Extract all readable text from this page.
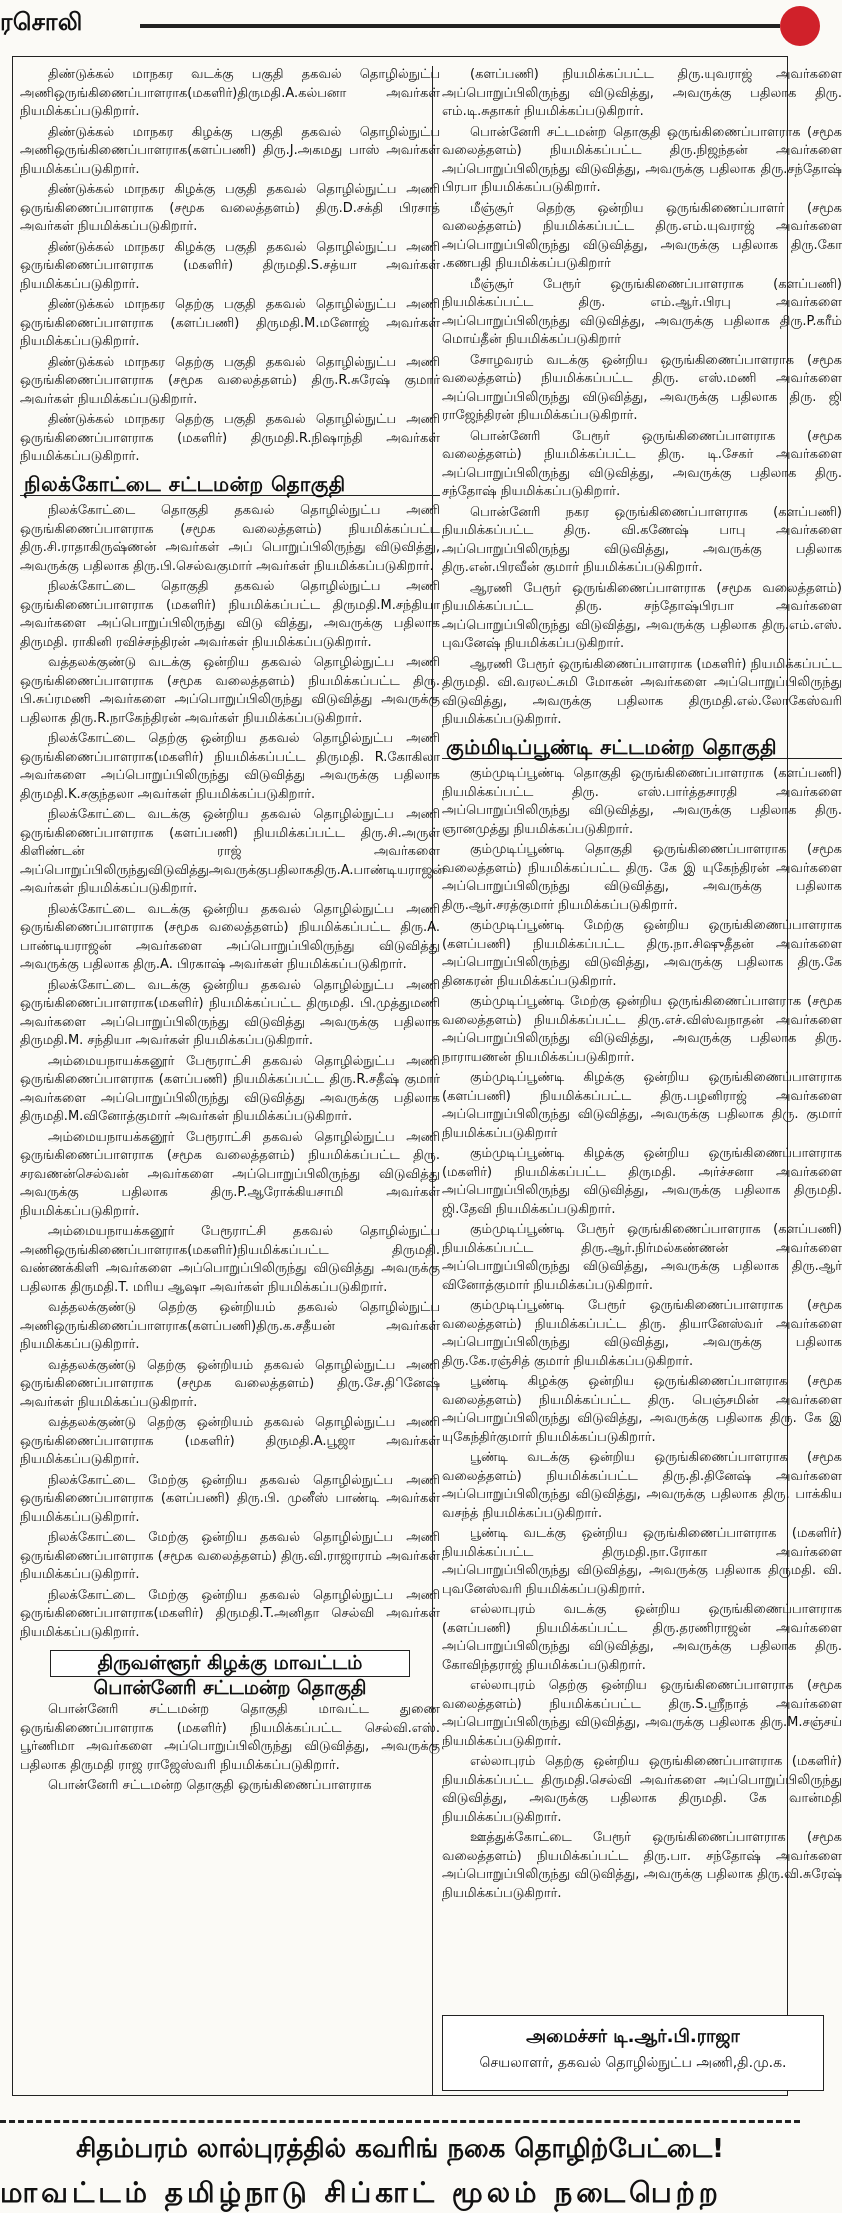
ரசொலி

திண்டுக்கல் மாநகர வடக்கு பகுதி தகவல் தொழில்நுட்ப அணிஒருங்கிணைப்பாளராக(மகளிர்)திருமதி.A.கல்பனா அவர்கள் நியமிக்கப்படுகிறார்.

திண்டுக்கல் மாநகர கிழக்கு பகுதி தகவல் தொழில்நுட்ப அணிஒருங்கிணைப்பாளராக(களப்பணி) திரு.J.அகமது பாஸ் அவர்கள் நியமிக்கப்படுகிறார்.

திண்டுக்கல் மாநகர கிழக்கு பகுதி தகவல் தொழில்நுட்ப அணி ஒருங்கிணைப்பாளராக (சமூக வலைத்தளம்) திரு.D.சக்தி பிரசாத் அவர்கள் நியமிக்கப்படுகிறார்.

திண்டுக்கல் மாநகர கிழக்கு பகுதி தகவல் தொழில்நுட்ப அணி ஒருங்கிணைப்பாளராக (மகளிர்) திருமதி.S.சத்யா அவர்கள் நியமிக்கப்படுகிறார்.

திண்டுக்கல் மாநகர தெற்கு பகுதி தகவல் தொழில்நுட்ப அணி ஒருங்கிணைப்பாளராக (களப்பணி) திருமதி.M.மனோஜ் அவர்கள் நியமிக்கப்படுகிறார்.

திண்டுக்கல் மாநகர தெற்கு பகுதி தகவல் தொழில்நுட்ப அணி ஒருங்கிணைப்பாளராக (சமூக வலைத்தளம்) திரு.R.சுரேஷ் குமார் அவர்கள் நியமிக்கப்படுகிறார்.

திண்டுக்கல் மாநகர தெற்கு பகுதி தகவல் தொழில்நுட்ப அணி ஒருங்கிணைப்பாளராக (மகளிர்) திருமதி.R.நிஷாந்தி அவர்கள் நியமிக்கப்படுகிறார்.

நிலக்கோட்டை சட்டமன்ற தொகுதி

நிலக்கோட்டை தொகுதி தகவல் தொழில்நுட்ப அணி ஒருங்கிணைப்பாளராக (சமூக வலைத்தளம்) நியமிக்கப்பட்ட திரு.சி.ராதாகிருஷ்ணன் அவர்கள் அப் பொறுப்பிலிருந்து விடுவித்து, அவருக்கு பதிலாக திரு.பி.செல்வகுமார் அவர்கள் நியமிக்கப்படுகிறார்.

நிலக்கோட்டை தொகுதி தகவல் தொழில்நுட்ப அணி ஒருங்கிணைப்பாளராக (மகளிர்) நியமிக்கப்பட்ட திருமதி.M.சந்தியா அவர்களை அப்பொறுப்பிலிருந்து விடு வித்து, அவருக்கு பதிலாக திருமதி. ராகினி ரவிச்சந்திரன் அவர்கள் நியமிக்கப்படுகிறார்.

வத்தலக்குண்டு வடக்கு ஒன்றிய தகவல் தொழில்நுட்ப அணி ஒருங்கிணைப்பாளராக (சமூக வலைத்தளம்) நியமிக்கப்பட்ட திரு. பி.சுப்ரமணி அவர்களை அப்பொறுப்பிலிருந்து விடுவித்து அவருக்கு பதிலாக திரு.R.நாகேந்திரன் அவர்கள் நியமிக்கப்படுகிறார்.

நிலக்கோட்டை தெற்கு ஒன்றிய தகவல் தொழில்நுட்ப அணி ஒருங்கிணைப்பாளராக(மகளிர்) நியமிக்கப்பட்ட திருமதி. R.கோகிலா அவர்களை அப்பொறுப்பிலிருந்து விடுவித்து அவருக்கு பதிலாக திருமதி.K.சகுந்தலா அவர்கள் நியமிக்கப்படுகிறார்.

நிலக்கோட்டை வடக்கு ஒன்றிய தகவல் தொழில்நுட்ப அணி ஒருங்கிணைப்பாளராக (களப்பணி) நியமிக்கப்பட்ட திரு.சி.அருள் கிளிண்டன் ராஜ் அவர்களை அப்பொறுப்பிலிருந்துவிடுவித்துஅவருக்குபதிலாகதிரு.A.பாண்டியராஜன் அவர்கள் நியமிக்கப்படுகிறார்.

நிலக்கோட்டை வடக்கு ஒன்றிய தகவல் தொழில்நுட்ப அணி ஒருங்கிணைப்பாளராக (சமூக வலைத்தளம்) நியமிக்கப்பட்ட திரு.A. பாண்டியராஜன் அவர்களை அப்பொறுப்பிலிருந்து விடுவித்து அவருக்கு பதிலாக திரு.A. பிரகாஷ் அவர்கள் நியமிக்கப்படுகிறார்.

நிலக்கோட்டை வடக்கு ஒன்றிய தகவல் தொழில்நுட்ப அணி ஒருங்கிணைப்பாளராக(மகளிர்) நியமிக்கப்பட்ட திருமதி. பி.முத்துமணி அவர்களை அப்பொறுப்பிலிருந்து விடுவித்து அவருக்கு பதிலாக திருமதி.M. சந்தியா அவர்கள் நியமிக்கப்படுகிறார்.

அம்மையநாயக்கனூர் பேரூராட்சி தகவல் தொழில்நுட்ப அணி ஒருங்கிணைப்பாளராக (களப்பணி) நியமிக்கப்பட்ட திரு.R.சதீஷ் குமார் அவர்களை அப்பொறுப்பிலிருந்து விடுவித்து அவருக்கு பதிலாக திருமதி.M.வினோத்குமார் அவர்கள் நியமிக்கப்படுகிறார்.

அம்மையநாயக்கனூர் பேரூராட்சி தகவல் தொழில்நுட்ப அணி ஒருங்கிணைப்பாளராக (சமூக வலைத்தளம்) நியமிக்கப்பட்ட திரு. சரவணன்செல்வன் அவர்களை அப்பொறுப்பிலிருந்து விடுவித்து அவருக்கு பதிலாக திரு.P.ஆரோக்கியசாமி அவர்கள் நியமிக்கப்படுகிறார்.

அம்மையநாயக்கனூர் பேரூராட்சி தகவல் தொழில்நுட்ப அணிஒருங்கிணைப்பாளராக(மகளிர்)நியமிக்கப்பட்ட திருமதி. வண்ணக்கிளி அவர்களை அப்பொறுப்பிலிருந்து விடுவித்து அவருக்கு பதிலாக திருமதி.T. மரிய ஆஷா அவர்கள் நியமிக்கப்படுகிறார்.

வத்தலக்குண்டு தெற்கு ஒன்றியம் தகவல் தொழில்நுட்ப அணிஒருங்கிணைப்பாளராக(களப்பணி)திரு.க.சதீயன் அவர்கள் நியமிக்கப்படுகிறார்.

வத்தலக்குண்டு தெற்கு ஒன்றியம் தகவல் தொழில்நுட்ப அணி ஒருங்கிணைப்பாளராக (சமூக வலைத்தளம்) திரு.சே.திினேஷ் அவர்கள் நியமிக்கப்படுகிறார்.

வத்தலக்குண்டு தெற்கு ஒன்றியம் தகவல் தொழில்நுட்ப அணி ஒருங்கிணைப்பாளராக (மகளிர்) திருமதி.A.பூஜா அவர்கள் நியமிக்கப்படுகிறார்.

நிலக்கோட்டை மேற்கு ஒன்றிய தகவல் தொழில்நுட்ப அணி ஒருங்கிணைப்பாளராக (களப்பணி) திரு.பி. முனீஸ் பாண்டி அவர்கள் நியமிக்கப்படுகிறார்.

நிலக்கோட்டை மேற்கு ஒன்றிய தகவல் தொழில்நுட்ப அணி ஒருங்கிணைப்பாளராக (சமூக வலைத்தளம்) திரு.வி.ராஜாராம் அவர்கள் நியமிக்கப்படுகிறார்.

நிலக்கோட்டை மேற்கு ஒன்றிய தகவல் தொழில்நுட்ப அணி ஒருங்கிணைப்பாளராக(மகளிர்) திருமதி.T.அனிதா செல்வி அவர்கள் நியமிக்கப்படுகிறார்.

திருவள்ளூர் கிழக்கு மாவட்டம்
பொன்னேரி சட்டமன்ற தொகுதி

பொன்னேரி சட்டமன்ற தொகுதி மாவட்ட துணை ஒருங்கிணைப்பாளராக (மகளிர்) நியமிக்கப்பட்ட செல்வி.எஸ். பூர்ணிமா அவர்களை அப்பொறுப்பிலிருந்து விடுவித்து, அவருக்கு பதிலாக திருமதி ராஜ ராஜேஸ்வரி நியமிக்கப்படுகிறார்.

பொன்னேரி சட்டமன்ற தொகுதி ஒருங்கிணைப்பாளராக

(களப்பணி) நியமிக்கப்பட்ட திரு.யுவராஜ் அவர்களை அப்பொறுப்பிலிருந்து விடுவித்து, அவருக்கு பதிலாக திரு. எம்.டி.சுதாகர் நியமிக்கப்படுகிறார்.

பொன்னேரி சட்டமன்ற தொகுதி ஒருங்கிணைப்பாளராக (சமூக வலைத்தளம்) நியமிக்கப்பட்ட திரு.நிஜந்தன் அவர்களை அப்பொறுப்பிலிருந்து விடுவித்து, அவருக்கு பதிலாக திரு.சந்தோஷ் பிரபா நியமிக்கப்படுகிறார்.

மீஞ்சூர் தெற்கு ஒன்றிய ஒருங்கிணைப்பாளர் (சமூக வலைத்தளம்) நியமிக்கப்பட்ட திரு.எம்.யுவராஜ் அவர்களை அப்பொறுப்பிலிருந்து விடுவித்து, அவருக்கு பதிலாக திரு.கோ .கணபதி நியமிக்கப்படுகிறார்

மீஞ்சூர் பேரூர் ஒருங்கிணைப்பாளராக (களப்பணி) நியமிக்கப்பட்ட திரு. எம்.ஆர்.பிரபு அவர்களை அப்பொறுப்பிலிருந்து விடுவித்து, அவருக்கு பதிலாக திரு.P.கரீம் மொய்தீன் நியமிக்கப்படுகிறார்

சோழவரம் வடக்கு ஒன்றிய ஒருங்கிணைப்பாளராக (சமூக வலைத்தளம்) நியமிக்கப்பட்ட திரு. எஸ்.மணி அவர்களை அப்பொறுப்பிலிருந்து விடுவித்து, அவருக்கு பதிலாக திரு. ஜி ராஜேந்திரன் நியமிக்கப்படுகிறார்.

பொன்னேரி பேரூர் ஒருங்கிணைப்பாளராக (சமூக வலைத்தளம்) நியமிக்கப்பட்ட திரு. டி.சேகர் அவர்களை அப்பொறுப்பிலிருந்து விடுவித்து, அவருக்கு பதிலாக திரு. சந்தோஷ் நியமிக்கப்படுகிறார்.

பொன்னேரி நகர ஒருங்கிணைப்பாளராக (களப்பணி) நியமிக்கப்பட்ட திரு. வி.கணேஷ் பாபு அவர்களை அப்பொறுப்பிலிருந்து விடுவித்து, அவருக்கு பதிலாக திரு.என்.பிரவீன் குமார் நியமிக்கப்படுகிறார்.

ஆரணி பேரூர் ஒருங்கிணைப்பாளராக (சமூக வலைத்தளம்) நியமிக்கப்பட்ட திரு. சந்தோஷ்பிரபா அவர்களை அப்பொறுப்பிலிருந்து விடுவித்து, அவருக்கு பதிலாக திரு.எம்.எஸ். புவனேஷ் நியமிக்கப்படுகிறார்.

ஆரணி பேரூர் ஒருங்கிணைப்பாளராக (மகளிர்) நியமிக்கப்பட்ட திருமதி. வி.வரலட்சுமி மோகன் அவர்களை அப்பொறுப்பிலிருந்து விடுவித்து, அவருக்கு பதிலாக திருமதி.எல்.லோகேஸ்வரி நியமிக்கப்படுகிறார்.

கும்மிடிப்பூண்டி சட்டமன்ற தொகுதி

கும்முடிப்பூண்டி தொகுதி ஒருங்கிணைப்பாளராக (களப்பணி) நியமிக்கப்பட்ட திரு. எஸ்.பார்த்தசாரதி அவர்களை அப்பொறுப்பிலிருந்து விடுவித்து, அவருக்கு பதிலாக திரு. ஞானமுத்து நியமிக்கப்படுகிறார்.

கும்முடிப்பூண்டி தொகுதி ஒருங்கிணைப்பாளராக (சமூக வலைத்தளம்) நியமிக்கப்பட்ட திரு. கே இ யுகேந்திரன் அவர்களை அப்பொறுப்பிலிருந்து விடுவித்து, அவருக்கு பதிலாக திரு.ஆர்.சரத்குமார் நியமிக்கப்படுகிறார்.

கும்முடிப்பூண்டி மேற்கு ஒன்றிய ஒருங்கிணைப்பாளராக (களப்பணி) நியமிக்கப்பட்ட திரு.நா.சிஷுதீதன் அவர்களை அப்பொறுப்பிலிருந்து விடுவித்து, அவருக்கு பதிலாக திரு.கே தினகரன் நியமிக்கப்படுகிறார்.

கும்முடிப்பூண்டி மேற்கு ஒன்றிய ஒருங்கிணைப்பாளராக (சமூக வலைத்தளம்) நியமிக்கப்பட்ட திரு.எச்.விஸ்வநாதன் அவர்களை அப்பொறுப்பிலிருந்து விடுவித்து, அவருக்கு பதிலாக திரு. நாராயணன் நியமிக்கப்படுகிறார்.

கும்முடிப்பூண்டி கிழக்கு ஒன்றிய ஒருங்கிணைப்பாளராக (களப்பணி) நியமிக்கப்பட்ட திரு.பழனிராஜ் அவர்களை அப்பொறுப்பிலிருந்து விடுவித்து, அவருக்கு பதிலாக திரு. குமார் நியமிக்கப்படுகிறார்

கும்முடிப்பூண்டி கிழக்கு ஒன்றிய ஒருங்கிணைப்பாளராக (மகளிர்) நியமிக்கப்பட்ட திருமதி. அர்ச்சனா அவர்களை அப்பொறுப்பிலிருந்து விடுவித்து, அவருக்கு பதிலாக திருமதி. ஜி.தேவி நியமிக்கப்படுகிறார்.

கும்முடிப்பூண்டி பேரூர் ஒருங்கிணைப்பாளராக (களப்பணி) நியமிக்கப்பட்ட திரு.ஆர்.நிர்மல்கண்ணன் அவர்களை அப்பொறுப்பிலிருந்து விடுவித்து, அவருக்கு பதிலாக திரு.ஆர் வினோத்குமார் நியமிக்கப்படுகிறார்.

கும்முடிப்பூண்டி பேரூர் ஒருங்கிணைப்பாளராக (சமூக வலைத்தளம்) நியமிக்கப்பட்ட திரு. தியானேஸ்வர் அவர்களை அப்பொறுப்பிலிருந்து விடுவித்து, அவருக்கு பதிலாக திரு.கே.ரஞ்சித் குமார் நியமிக்கப்படுகிறார்.

பூண்டி கிழக்கு ஒன்றிய ஒருங்கிணைப்பாளராக (சமூக வலைத்தளம்) நியமிக்கப்பட்ட திரு. பெஞ்சமின் அவர்களை அப்பொறுப்பிலிருந்து விடுவித்து, அவருக்கு பதிலாக திரு. கே இ யுகேந்திர்குமார் நியமிக்கப்படுகிறார்.

பூண்டி வடக்கு ஒன்றிய ஒருங்கிணைப்பாளராக (சமூக வலைத்தளம்) நியமிக்கப்பட்ட திரு.தி.தினேஷ் அவர்களை அப்பொறுப்பிலிருந்து விடுவித்து, அவருக்கு பதிலாக திரு. பாக்கிய வசந்த் நியமிக்கப்படுகிறார்.

பூண்டி வடக்கு ஒன்றிய ஒருங்கிணைப்பாளராக (மகளிர்) நியமிக்கப்பட்ட திருமதி.நா.ரோகா அவர்களை அப்பொறுப்பிலிருந்து விடுவித்து, அவருக்கு பதிலாக திருமதி. வி. புவனேஸ்வரி நியமிக்கப்படுகிறார்.

எல்லாபுரம் வடக்கு ஒன்றிய ஒருங்கிணைப்பாளராக (களப்பணி) நியமிக்கப்பட்ட திரு.தரணிராஜன் அவர்களை அப்பொறுப்பிலிருந்து விடுவித்து, அவருக்கு பதிலாக திரு. கோவிந்தராஜ் நியமிக்கப்படுகிறார்.

எல்லாபுரம் தெற்கு ஒன்றிய ஒருங்கிணைப்பாளராக (சமூக வலைத்தளம்) நியமிக்கப்பட்ட திரு.S.ஸ்ரீநாத் அவர்களை அப்பொறுப்பிலிருந்து விடுவித்து, அவருக்கு பதிலாக திரு.M.சஞ்சய் நியமிக்கப்படுகிறார்.

எல்லாபுரம் தெற்கு ஒன்றிய ஒருங்கிணைப்பாளராக (மகளிர்) நியமிக்கப்பட்ட திருமதி.செல்வி அவர்களை அப்பொறுப்பிலிருந்து விடுவித்து, அவருக்கு பதிலாக திருமதி. கே வான்மதி நியமிக்கப்படுகிறார்.

ஊத்துக்கோட்டை பேரூர் ஒருங்கிணைப்பாளராக (சமூக வலைத்தளம்) நியமிக்கப்பட்ட திரு.பா. சந்தோஷ் அவர்களை அப்பொறுப்பிலிருந்து விடுவித்து, அவருக்கு பதிலாக திரு.வி.சுரேஷ் நியமிக்கப்படுகிறார்.

அமைச்சர் டி.ஆர்.பி.ராஜா
செயலாளர், தகவல் தொழில்நுட்ப அணி,தி.மு.க.
சிதம்பரம் லால்புரத்தில் கவரிங் நகை தொழிற்பேட்டை!
மாவட்டம் தமிழ்நாடு சிப்காட் மூலம் நடைபெற்ற
